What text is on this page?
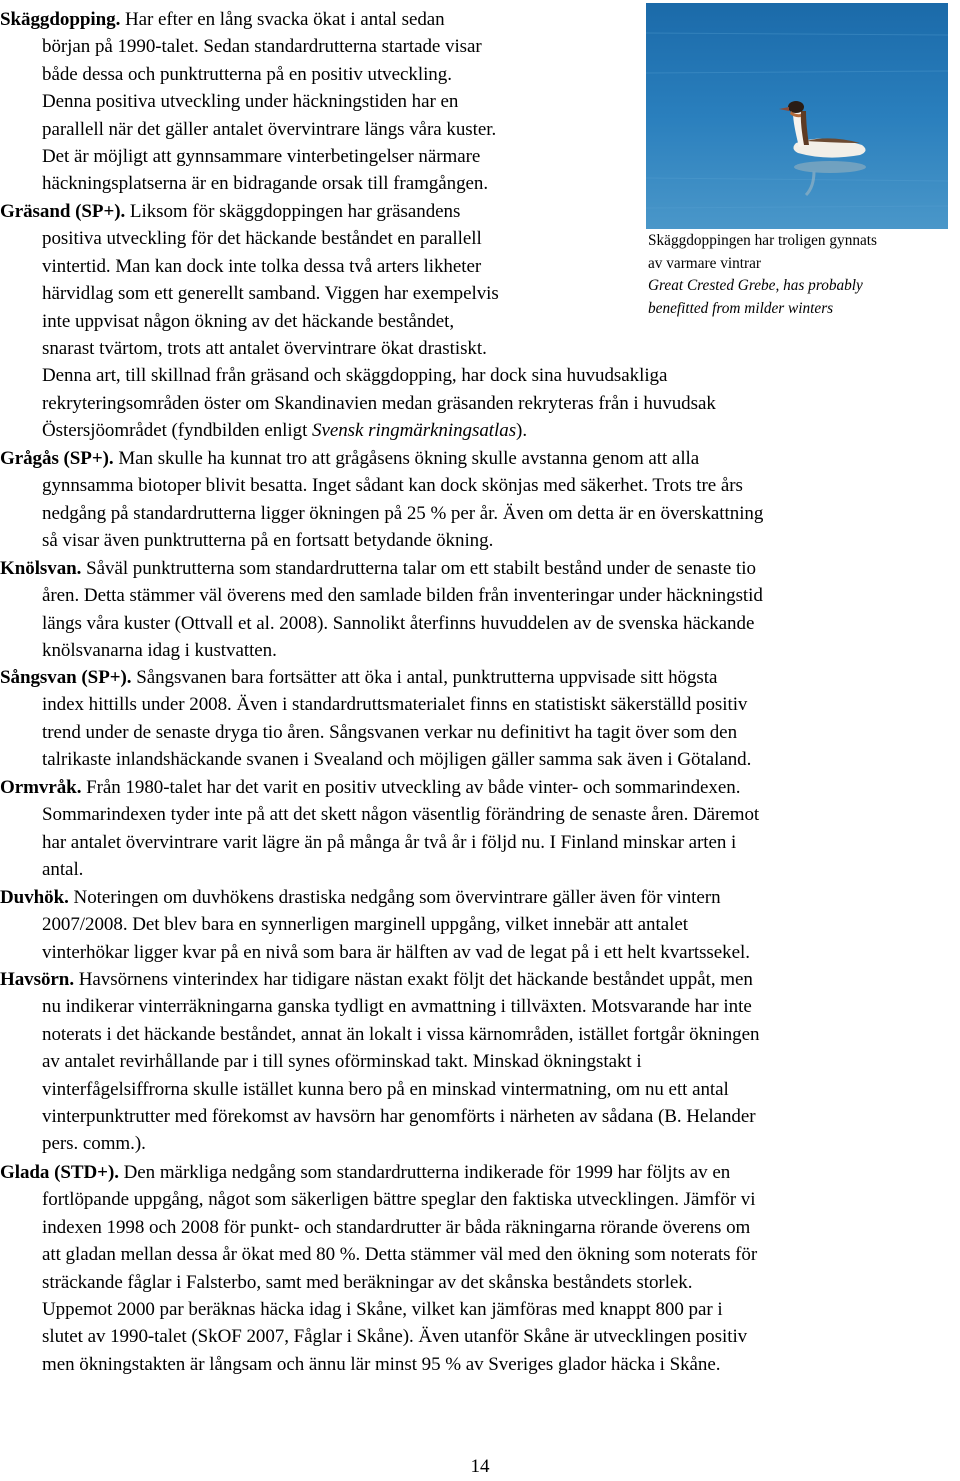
Skäggdoppingen har troligen gynnats
av varmare vintrar
Great Crested Grebe, has probably
benefitted from milder winters
Skäggdopping. Har efter en lång svacka ökat i antal sedan
början på 1990-talet. Sedan standardrutterna startade visar
både dessa och punktrutterna på en positiv utveckling.
Denna positiva utveckling under häckningstiden har en
parallell när det gäller antalet övervintrare längs våra kuster.
Det är möjligt att gynnsammare vinterbetingelser närmare
häckningsplatserna är en bidragande orsak till framgången.
Gräsand (SP+). Liksom för skäggdoppingen har gräsandens
positiva utveckling för det häckande beståndet en parallell
vintertid. Man kan dock inte tolka dessa två arters likheter
härvidlag som ett generellt samband. Viggen har exempelvis
inte uppvisat någon ökning av det häckande beståndet,
snarast tvärtom, trots att antalet övervintrare ökat drastiskt.
Denna art, till skillnad från gräsand och skäggdopping, har dock sina huvudsakliga
rekryteringsområden öster om Skandinavien medan gräsanden rekryteras från i huvudsak
Östersjöområdet (fyndbilden enligt Svensk ringmärkningsatlas).
Grågås (SP+). Man skulle ha kunnat tro att grågåsens ökning skulle avstanna genom att alla
gynnsamma biotoper blivit besatta. Inget sådant kan dock skönjas med säkerhet. Trots tre års
nedgång på standardrutterna ligger ökningen på 25 % per år. Även om detta är en överskattning
så visar även punktrutterna på en fortsatt betydande ökning.
Knölsvan. Såväl punktrutterna som standardrutterna talar om ett stabilt bestånd under de senaste tio
åren. Detta stämmer väl överens med den samlade bilden från inventeringar under häckningstid
längs våra kuster (Ottvall et al. 2008). Sannolikt återfinns huvuddelen av de svenska häckande
knölsvanarna idag i kustvatten.
Sångsvan (SP+). Sångsvanen bara fortsätter att öka i antal, punktrutterna uppvisade sitt högsta
index hittills under 2008. Även i standardruttsmaterialet finns en statistiskt säkerställd positiv
trend under de senaste dryga tio åren. Sångsvanen verkar nu definitivt ha tagit över som den
talrikaste inlandshäckande svanen i Svealand och möjligen gäller samma sak även i Götaland.
Ormvråk. Från 1980-talet har det varit en positiv utveckling av både vinter- och sommarindexen.
Sommarindexen tyder inte på att det skett någon väsentlig förändring de senaste åren. Däremot
har antalet övervintrare varit lägre än på många år två år i följd nu. I Finland minskar arten i
antal.
Duvhök. Noteringen om duvhökens drastiska nedgång som övervintrare gäller även för vintern
2007/2008. Det blev bara en synnerligen marginell uppgång, vilket innebär att antalet
vinterhökar ligger kvar på en nivå som bara är hälften av vad de legat på i ett helt kvartssekel.
Havsörn. Havsörnens vinterindex har tidigare nästan exakt följt det häckande beståndet uppåt, men
nu indikerar vinterräkningarna ganska tydligt en avmattning i tillväxten. Motsvarande har inte
noterats i det häckande beståndet, annat än lokalt i vissa kärnområden, istället fortgår ökningen
av antalet revirhållande par i till synes oförminskad takt. Minskad ökningstakt i
vinterfågelsiffrorna skulle istället kunna bero på en minskad vintermatning, om nu ett antal
vinterpunktrutter med förekomst av havsörn har genomförts i närheten av sådana (B. Helander
pers. comm.).
Glada (STD+). Den märkliga nedgång som standardrutterna indikerade för 1999 har följts av en
fortlöpande uppgång, något som säkerligen bättre speglar den faktiska utvecklingen. Jämför vi
indexen 1998 och 2008 för punkt- och standardrutter är båda räkningarna rörande överens om
att gladan mellan dessa år ökat med 80 %. Detta stämmer väl med den ökning som noterats för
sträckande fåglar i Falsterbo, samt med beräkningar av det skånska beståndets storlek.
Uppemot 2000 par beräknas häcka idag i Skåne, vilket kan jämföras med knappt 800 par i
slutet av 1990-talet (SkOF 2007, Fåglar i Skåne). Även utanför Skåne är utvecklingen positiv
men ökningstakten är långsam och ännu lär minst 95 % av Sveriges glador häcka i Skåne.
14
